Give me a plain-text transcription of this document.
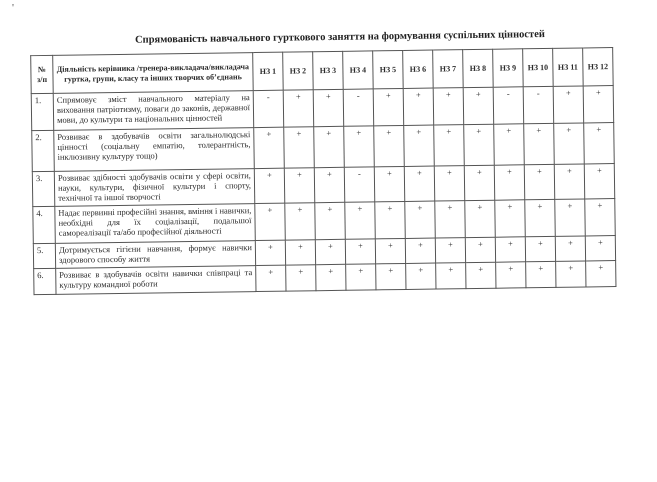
'
Спрямованість навчального гурткового заняття на формування суспільних цінностей
№ з/п	Діяльність керівника /тренера-викладача/викладача гуртка, групи, класу та інших творчих об’єднань	НЗ 1	НЗ 2	НЗ 3	НЗ 4	НЗ 5	НЗ 6	НЗ 7	НЗ 8	НЗ 9	НЗ 10	НЗ 11	НЗ 12
1.	Спрямовує зміст навчального матеріалу на виховання патріотизму, поваги до законів, державної мови, до культури та національних цінностей	-	+	+	-	+	+	+	+	-	-	+	+
2.	Розвиває в здобувачів освіти загальнолюдські цінності (соціальну емпатію, толерантність, інклюзивну культуру тощо)	+	+	+	+	+	+	+	+	+	+	+	+
3.	Розвиває здібності здобувачів освіти у сфері освіти, науки, культури, фізичної культури і спорту, технічної та іншої творчості	+	+	+	-	+	+	+	+	+	+	+	+
4.	Надає первинні професійні знання, вміння і навички, необхідні для їх соціалізації, подальшої самореалізації та/або професійної діяльності	+	+	+	+	+	+	+	+	+	+	+	+
5.	Дотримується гігієни навчання, формує навички здорового способу життя	+	+	+	+	+	+	+	+	+	+	+	+
6.	Розвиває в здобувачів освіти навички співпраці та культуру командної роботи	+	+	+	+	+	+	+	+	+	+	+	+
